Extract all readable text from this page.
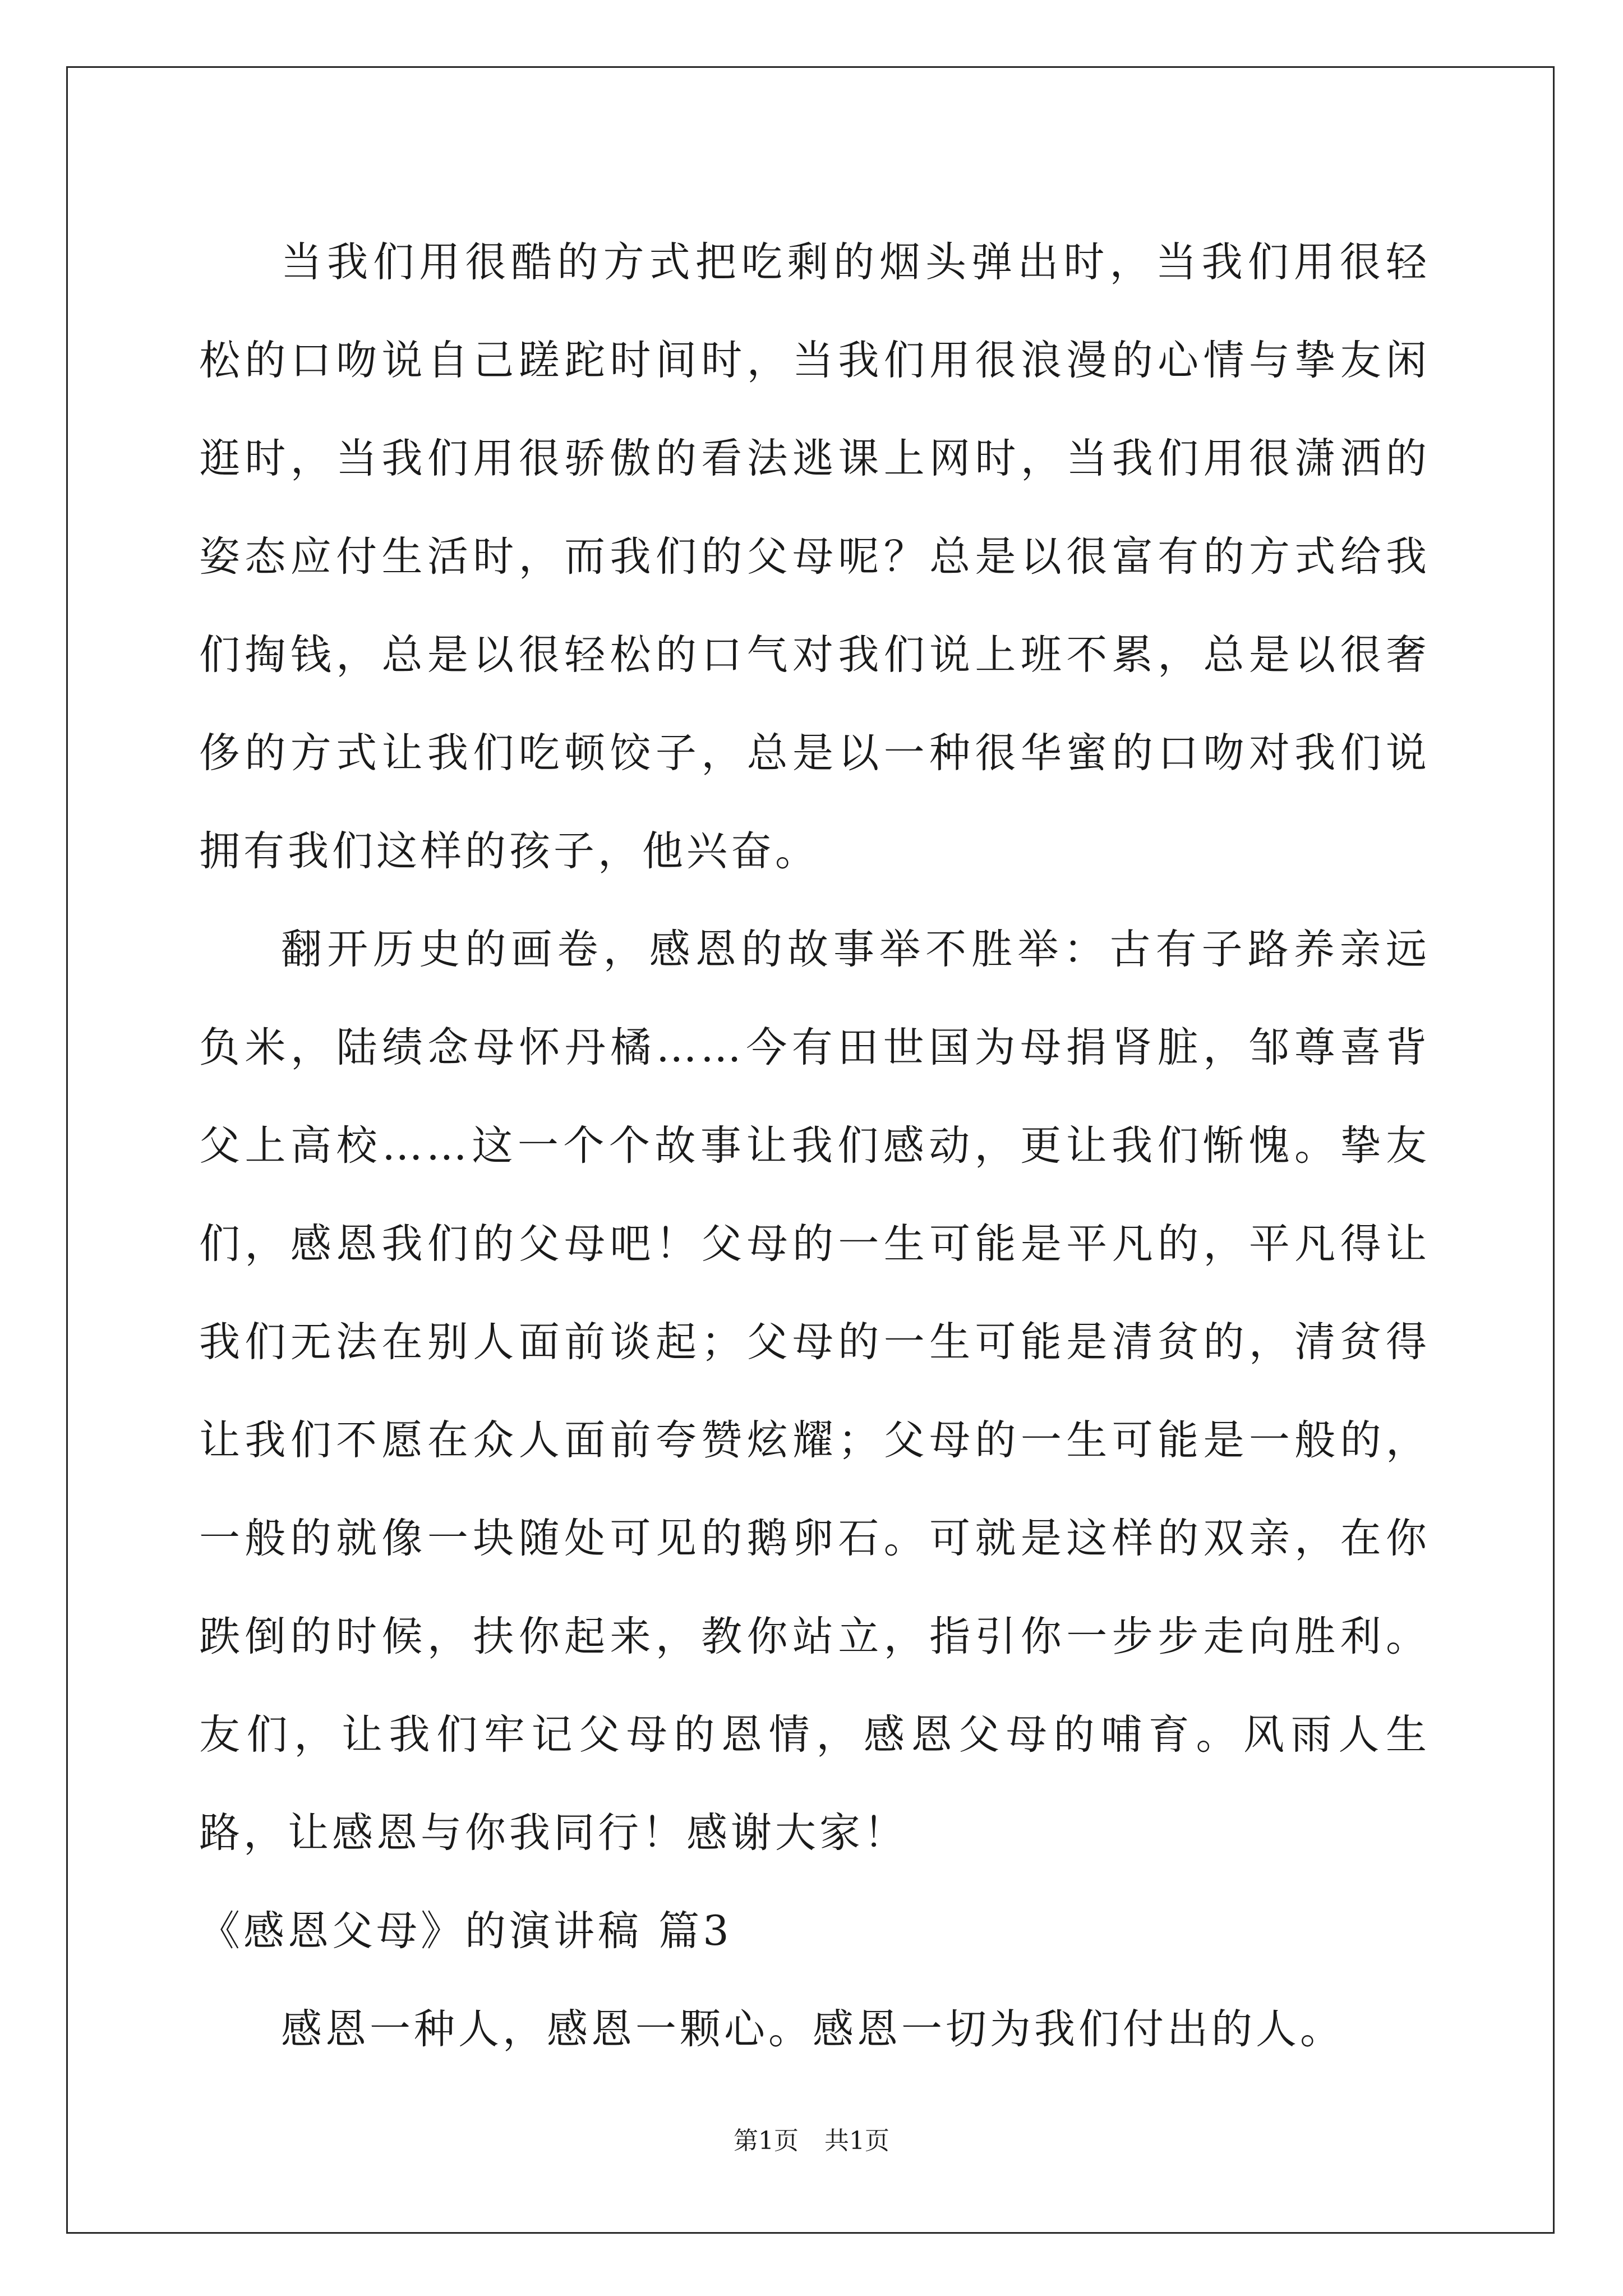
当我们用很酷的方式把吃剩的烟头弹出时，当我们用很轻松的口吻说自己蹉跎时间时，当我们用很浪漫的心情与挚友闲逛时，当我们用很骄傲的看法逃课上网时，当我们用很潇洒的姿态应付生活时，而我们的父母呢？总是以很富有的方式给我们掏钱，总是以很轻松的口气对我们说上班不累，总是以很奢侈的方式让我们吃顿饺子，总是以一种很华蜜的口吻对我们说拥有我们这样的孩子，他兴奋。

翻开历史的画卷，感恩的故事举不胜举：古有子路养亲远负米，陆绩念母怀丹橘……今有田世国为母捐肾脏，邹尊喜背父上高校……这一个个故事让我们感动，更让我们惭愧。挚友们，感恩我们的父母吧！父母的一生可能是平凡的，平凡得让我们无法在别人面前谈起；父母的一生可能是清贫的，清贫得让我们不愿在众人面前夸赞炫耀；父母的一生可能是一般的，一般的就像一块随处可见的鹅卵石。可就是这样的双亲，在你跌倒的时候，扶你起来，教你站立，指引你一步步走向胜利。友们，让我们牢记父母的恩情，感恩父母的哺育。风雨人生路，让感恩与你我同行！感谢大家！

《感恩父母》的演讲稿 篇3

感恩一种人，感恩一颗心。感恩一切为我们付出的人。

第1页 共1页
